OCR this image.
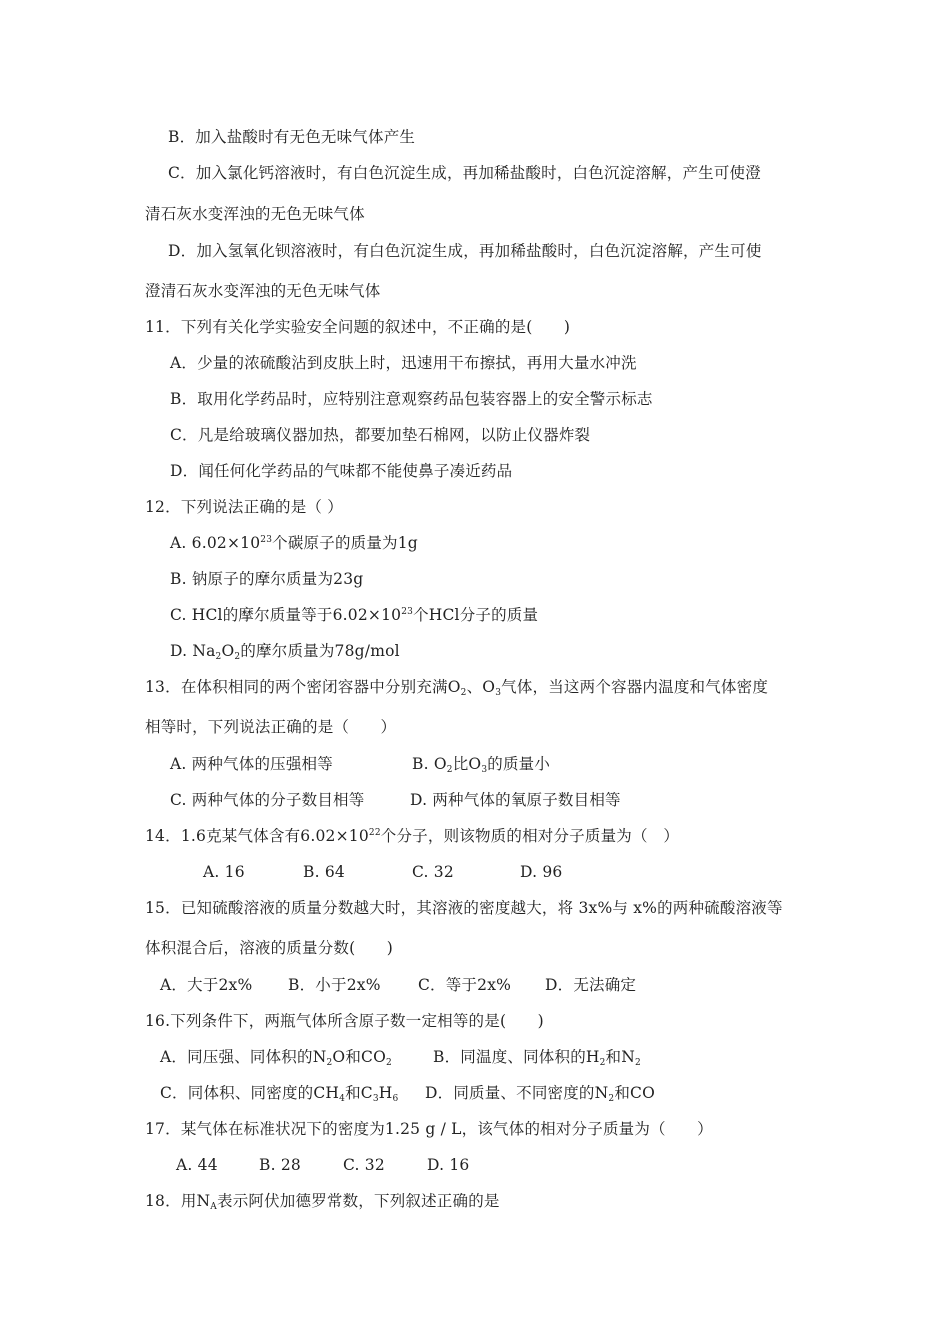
B．加入盐酸时有无色无味气体产生
C．加入氯化钙溶液时，有白色沉淀生成，再加稀盐酸时，白色沉淀溶解，产生可使澄
清石灰水变浑浊的无色无味气体
D．加入氢氧化钡溶液时，有白色沉淀生成，再加稀盐酸时，白色沉淀溶解，产生可使
澄清石灰水变浑浊的无色无味气体
11．下列有关化学实验安全问题的叙述中，不正确的是(　　)
A．少量的浓硫酸沾到皮肤上时，迅速用干布擦拭，再用大量水冲洗
B．取用化学药品时，应特别注意观察药品包装容器上的安全警示标志
C．凡是给玻璃仪器加热，都要加垫石棉网，以防止仪器炸裂
D．闻任何化学药品的气味都不能使鼻子凑近药品
12．下列说法正确的是（ ）
A. $6.02\times 10^{23}$个碳原子的质量为1g
B. 钠原子的摩尔质量为23g
C. HCl的摩尔质量等于$6.02\times 10^{23}$个HCl分子的质量
D. $Na_2O_2$的摩尔质量为78g/mol
13．在体积相同的两个密闭容器中分别充满$O_2$、$O_3$气体，当这两个容器内温度和气体密度
相等时，下列说法正确的是（　　）
A. 两种气体的压强相等	B. $O_2$比$O_3$的质量小
C. 两种气体的分子数目相等	D. 两种气体的氧原子数目相等
14．1.6克某气体含有$6.02\times 10^{22}$个分子，则该物质的相对分子质量为（　）
A. 16	B. 64	C. 32	D. 96
15．已知硫酸溶液的质量分数越大时，其溶液的密度越大，将 3x%与 x%的两种硫酸溶液等
体积混合后，溶液的质量分数(　　)
A．大于2x% B．小于2x% C．等于2x% D．无法确定
16.下列条件下，两瓶气体所含原子数一定相等的是(　　)
A．同压强、同体积的$N_2O$和$CO_2$	B．同温度、同体积的$H_2$和$N_2$
C．同体积、同密度的$CH_4$和$C_3H_6$ D．同质量、不同密度的$N_2$和CO
17．某气体在标准状况下的密度为1.25 g / L，该气体的相对分子质量为（　　）
A. 44	B. 28	C. 32	D. 16
18．用$N_A$表示阿伏加德罗常数，下列叙述正确的是
